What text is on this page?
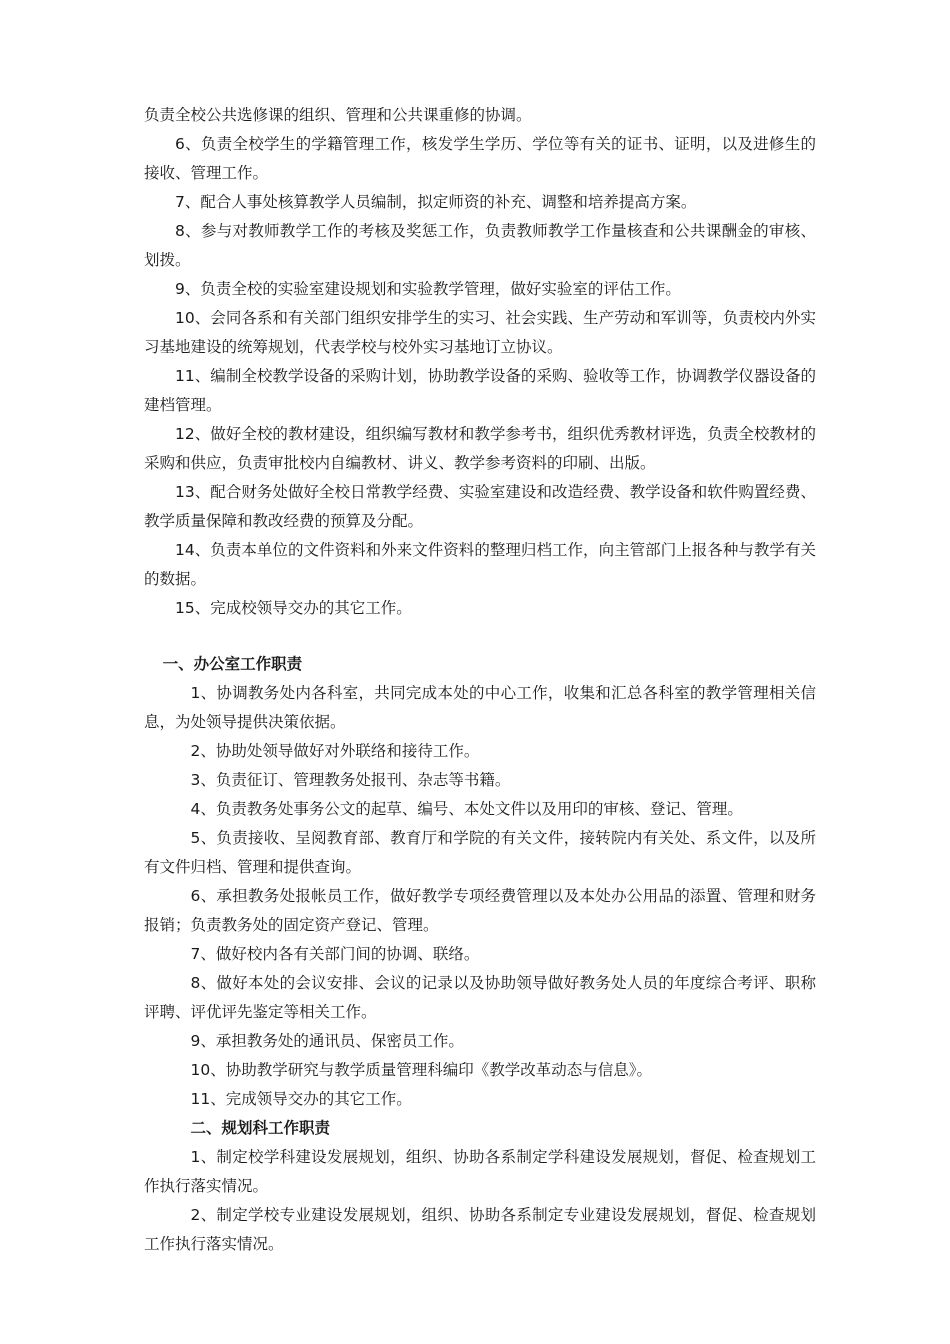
负责全校公共选修课的组织、管理和公共课重修的协调。

6、负责全校学生的学籍管理工作，核发学生学历、学位等有关的证书、证明，以及进修生的接收、管理工作。

7、配合人事处核算教学人员编制，拟定师资的补充、调整和培养提高方案。

8、参与对教师教学工作的考核及奖惩工作，负责教师教学工作量核查和公共课酬金的审核、划拨。

9、负责全校的实验室建设规划和实验教学管理，做好实验室的评估工作。

10、会同各系和有关部门组织安排学生的实习、社会实践、生产劳动和军训等，负责校内外实习基地建设的统筹规划，代表学校与校外实习基地订立协议。

11、编制全校教学设备的采购计划，协助教学设备的采购、验收等工作，协调教学仪器设备的建档管理。

12、做好全校的教材建设，组织编写教材和教学参考书，组织优秀教材评选，负责全校教材的采购和供应，负责审批校内自编教材、讲义、教学参考资料的印刷、出版。

13、配合财务处做好全校日常教学经费、实验室建设和改造经费、教学设备和软件购置经费、教学质量保障和教改经费的预算及分配。

14、负责本单位的文件资料和外来文件资料的整理归档工作，向主管部门上报各种与教学有关的数据。

15、完成校领导交办的其它工作。

一、办公室工作职责

1、协调教务处内各科室，共同完成本处的中心工作，收集和汇总各科室的教学管理相关信息，为处领导提供决策依据。

2、协助处领导做好对外联络和接待工作。

3、负责征订、管理教务处报刊、杂志等书籍。

4、负责教务处事务公文的起草、编号、本处文件以及用印的审核、登记、管理。

5、负责接收、呈阅教育部、教育厅和学院的有关文件，接转院内有关处、系文件，以及所有文件归档、管理和提供查询。

6、承担教务处报帐员工作，做好教学专项经费管理以及本处办公用品的添置、管理和财务报销；负责教务处的固定资产登记、管理。

7、做好校内各有关部门间的协调、联络。

8、做好本处的会议安排、会议的记录以及协助领导做好教务处人员的年度综合考评、职称评聘、评优评先鉴定等相关工作。

9、承担教务处的通讯员、保密员工作。

10、协助教学研究与教学质量管理科编印《教学改革动态与信息》。

11、完成领导交办的其它工作。

二、规划科工作职责

1、制定校学科建设发展规划，组织、协助各系制定学科建设发展规划，督促、检查规划工作执行落实情况。

2、制定学校专业建设发展规划，组织、协助各系制定专业建设发展规划，督促、检查规划工作执行落实情况。
